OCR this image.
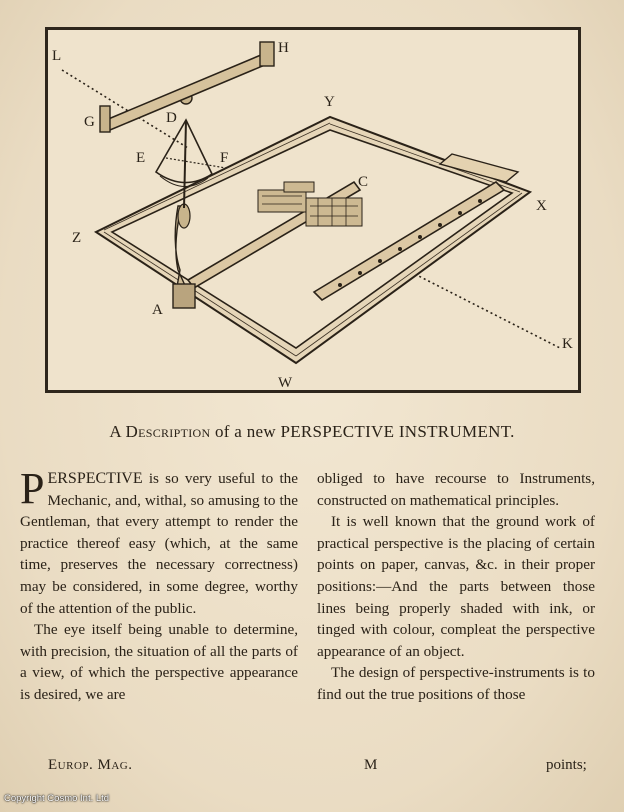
L	H
G	D
E	F
Y
C
X
Z
A
K
W
A Description of a new PERSPECTIVE INSTRUMENT.

PERSPECTIVE is so very useful to the Mechanic, and, withal, so amusing to the Gentleman, that every attempt to render the practice thereof easy (which, at the same time, preserves the necessary correctness) may be considered, in some degree, worthy of the attention of the public.

The eye itself being unable to determine, with precision, the situation of all the parts of a view, of which the perspective appearance is desired, we are

obliged to have recourse to Instruments, constructed on mathematical principles.

It is well known that the ground work of practical perspective is the placing of certain points on paper, canvas, &c. in their proper positions:—And the parts between those lines being properly shaded with ink, or tinged with colour, compleat the perspective appearance of an object.

The design of perspective-instruments is to find out the true positions of those

Europ. Mag.	M	points;
Copyright Cosmo Int. Ltd
